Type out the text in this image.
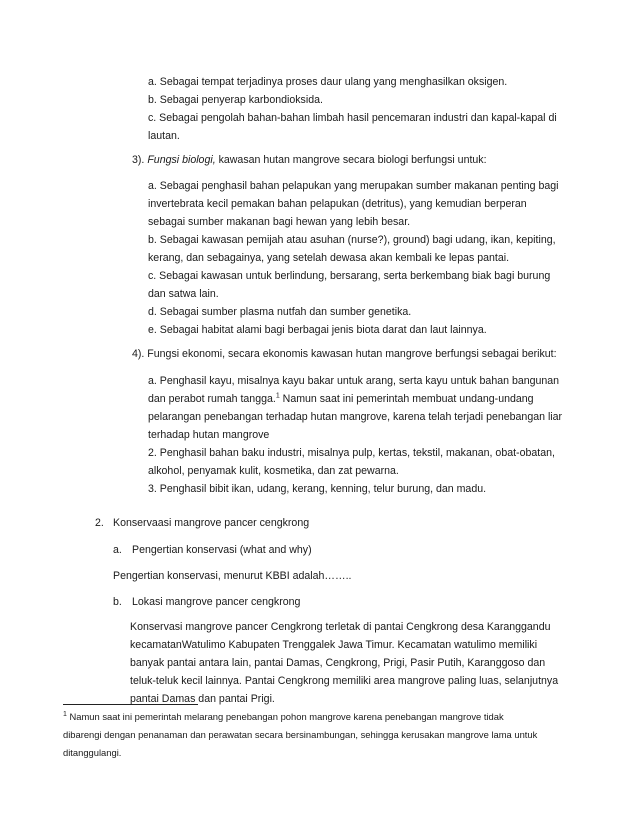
a. Sebagai tempat terjadinya proses daur ulang yang menghasilkan oksigen.
b. Sebagai penyerap karbondioksida.
c. Sebagai pengolah bahan-bahan limbah hasil pencemaran industri dan kapal-kapal di
lautan.
3). Fungsi biologi, kawasan hutan mangrove secara biologi berfungsi untuk:
a. Sebagai penghasil bahan pelapukan yang merupakan sumber makanan penting bagi
invertebrata kecil pemakan bahan pelapukan (detritus), yang kemudian berperan
sebagai sumber makanan bagi hewan yang lebih besar.
b. Sebagai kawasan pemijah atau asuhan (nurse?), ground) bagi udang, ikan, kepiting,
kerang, dan sebagainya, yang setelah dewasa akan kembali ke lepas pantai.
c. Sebagai kawasan untuk berlindung, bersarang, serta berkembang biak bagi burung
dan satwa lain.
d. Sebagai sumber plasma nutfah dan sumber genetika.
e. Sebagai habitat alami bagi berbagai jenis biota darat dan laut lainnya.
4). Fungsi ekonomi, secara ekonomis kawasan hutan mangrove berfungsi sebagai berikut:
a. Penghasil kayu, misalnya kayu bakar untuk arang, serta kayu untuk bahan bangunan
dan perabot rumah tangga.$^1$ Namun saat ini pemerintah membuat undang-undang
pelarangan penebangan terhadap hutan mangrove, karena telah terjadi penebangan liar
terhadap hutan mangrove
2. Penghasil bahan baku industri, misalnya pulp, kertas, tekstil, makanan, obat-obatan,
alkohol, penyamak kulit, kosmetika, dan zat pewarna.
3. Penghasil bibit ikan, udang, kerang, kenning, telur burung, dan madu.
2. Konservaasi mangrove pancer cengkrong
a. Pengertian konservasi (what and why)
Pengertian konservasi, menurut KBBI adalah……..
b. Lokasi mangrove pancer cengkrong
Konservasi mangrove pancer Cengkrong terletak di pantai Cengkrong desa Karanggandu
kecamatanWatulimo Kabupaten Trenggalek Jawa Timur. Kecamatan watulimo memiliki
banyak pantai antara lain, pantai Damas, Cengkrong, Prigi, Pasir Putih, Karanggoso dan
teluk-teluk kecil lainnya. Pantai Cengkrong memiliki area mangrove paling luas, selanjutnya
pantai Damas dan pantai Prigi.
$^1$ Namun saat ini pemerintah melarang penebangan pohon mangrove karena penebangan mangrove tidak
dibarengi dengan penanaman dan perawatan secara bersinambungan, sehingga kerusakan mangrove lama untuk
ditanggulangi.
